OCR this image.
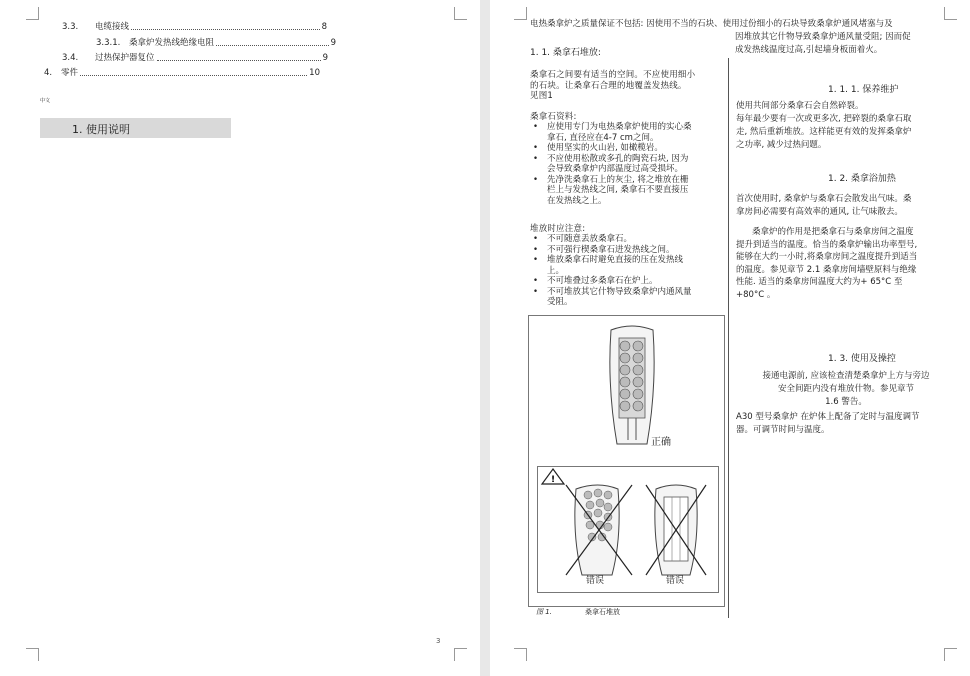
3.3.	电缆接线	8
3.3.1.	桑拿炉发热线绝缘电阻	9
3.4.	过热保护器复位	9
4.	零件	10
中文
1. 使用说明
3
电热桑拿炉之质量保证不包括: 因使用不当的石块、使用过份细小的石块导致桑拿炉通风堵塞与及
因堆放其它什物导致桑拿炉通风量受阻; 因而促
成发热线温度过高,引起墙身板面着火。
1. 1. 桑拿石堆放:
桑拿石之间要有适当的空间。不应使用细小
的石块。让桑拿石合理的地覆盖发热线。
见图1
桑拿石资料:
• 应使用专门为电热桑拿炉使用的实心桑
拿石, 直径应在4-7 cm之间。
• 使用坚实的火山岩, 如橄榄岩。
• 不应使用松散或多孔的陶瓷石块, 因为
会导致桑拿炉内部温度过高受损坏。
• 先净洗桑拿石上的灰尘, 将之堆放在栅
栏上与发热线之间, 桑拿石不要直接压
在发热线之上。
堆放时应注意:
• 不可随意丢放桑拿石。
• 不可强行楔桑拿石进发热线之间。
• 堆放桑拿石时避免直接的压在发热线
上。
• 不可堆叠过多桑拿石在炉上。
• 不可堆放其它什物导致桑拿炉内通风量
受阻。
正确
!
错误	错误
图 1.	桑拿石堆放
1. 1. 1. 保养维护
使用共间部分桑拿石会自然碎裂。
每年最少要有一次或更多次, 把碎裂的桑拿石取
走, 然后重新堆放。这样能更有效的发挥桑拿炉
之功率, 减少过热问题。
1. 2. 桑拿浴加热
首次使用时, 桑拿炉与桑拿石会散发出气味。桑
拿房间必需要有高效率的通风, 让气味散去。
桑拿炉的作用是把桑拿石与桑拿房间之温度
提升到适当的温度。恰当的桑拿炉输出功率型号,
能够在大约一小时,将桑拿房间之温度提升到适当
的温度。参见章节 2.1 桑拿房间墙壁原料与绝缘
性能. 适当的桑拿房间温度大约为+ 65°C 至
+80°C 。
1. 3. 使用及操控
接通电源前, 应该检查清楚桑拿炉上方与旁边
安全间距内没有堆放什物。参见章节
1.6 警告。
A30 型号桑拿炉 在炉体上配备了定时与温度调节
器。可调节时间与温度。
